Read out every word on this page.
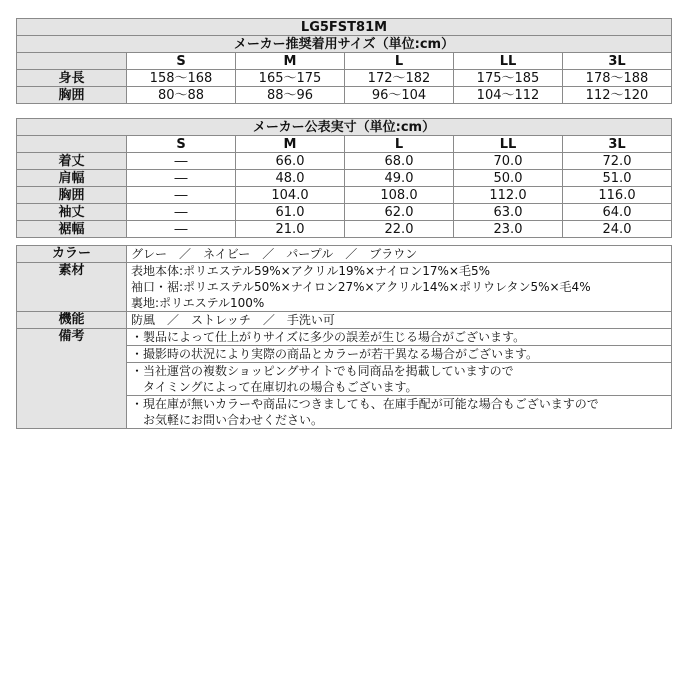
LG5FST81M					
メーカー推奨着用サイズ（単位:cm）					
	S	M	L	LL	3L
身長	158～168	165～175	172～182	175～185	178～188
胸囲	80～88	88～96	96～104	104～112	112～120
メーカー公表実寸（単位:cm）					
	S	M	L	LL	3L
着丈	―	66.0	68.0	70.0	72.0
肩幅	―	48.0	49.0	50.0	51.0
胸囲	―	104.0	108.0	112.0	116.0
袖丈	―	61.0	62.0	63.0	64.0
裾幅	―	21.0	22.0	23.0	24.0
カラー	グレー　／　ネイビー　／　パープル　／　ブラウン
素材	表地本体:ポリエステル59%×アクリル19%×ナイロン17%×毛5%
袖口・裾:ポリエステル50%×ナイロン27%×アクリル14%×ポリウレタン5%×毛4%
裏地:ポリエステル100%

機能	防風　／　ストレッチ　／　手洗い可
備考	・製品によって仕上がりサイズに多少の誤差が生じる場合がございます。

	・撮影時の状況により実際の商品とカラーが若干異なる場合がございます。

	・当社運営の複数ショッピングサイトでも同商品を掲載していますので
　タイミングによって在庫切れの場合もございます。

	・現在庫が無いカラーや商品につきましても、在庫手配が可能な場合もございますので
　お気軽にお問い合わせください。
